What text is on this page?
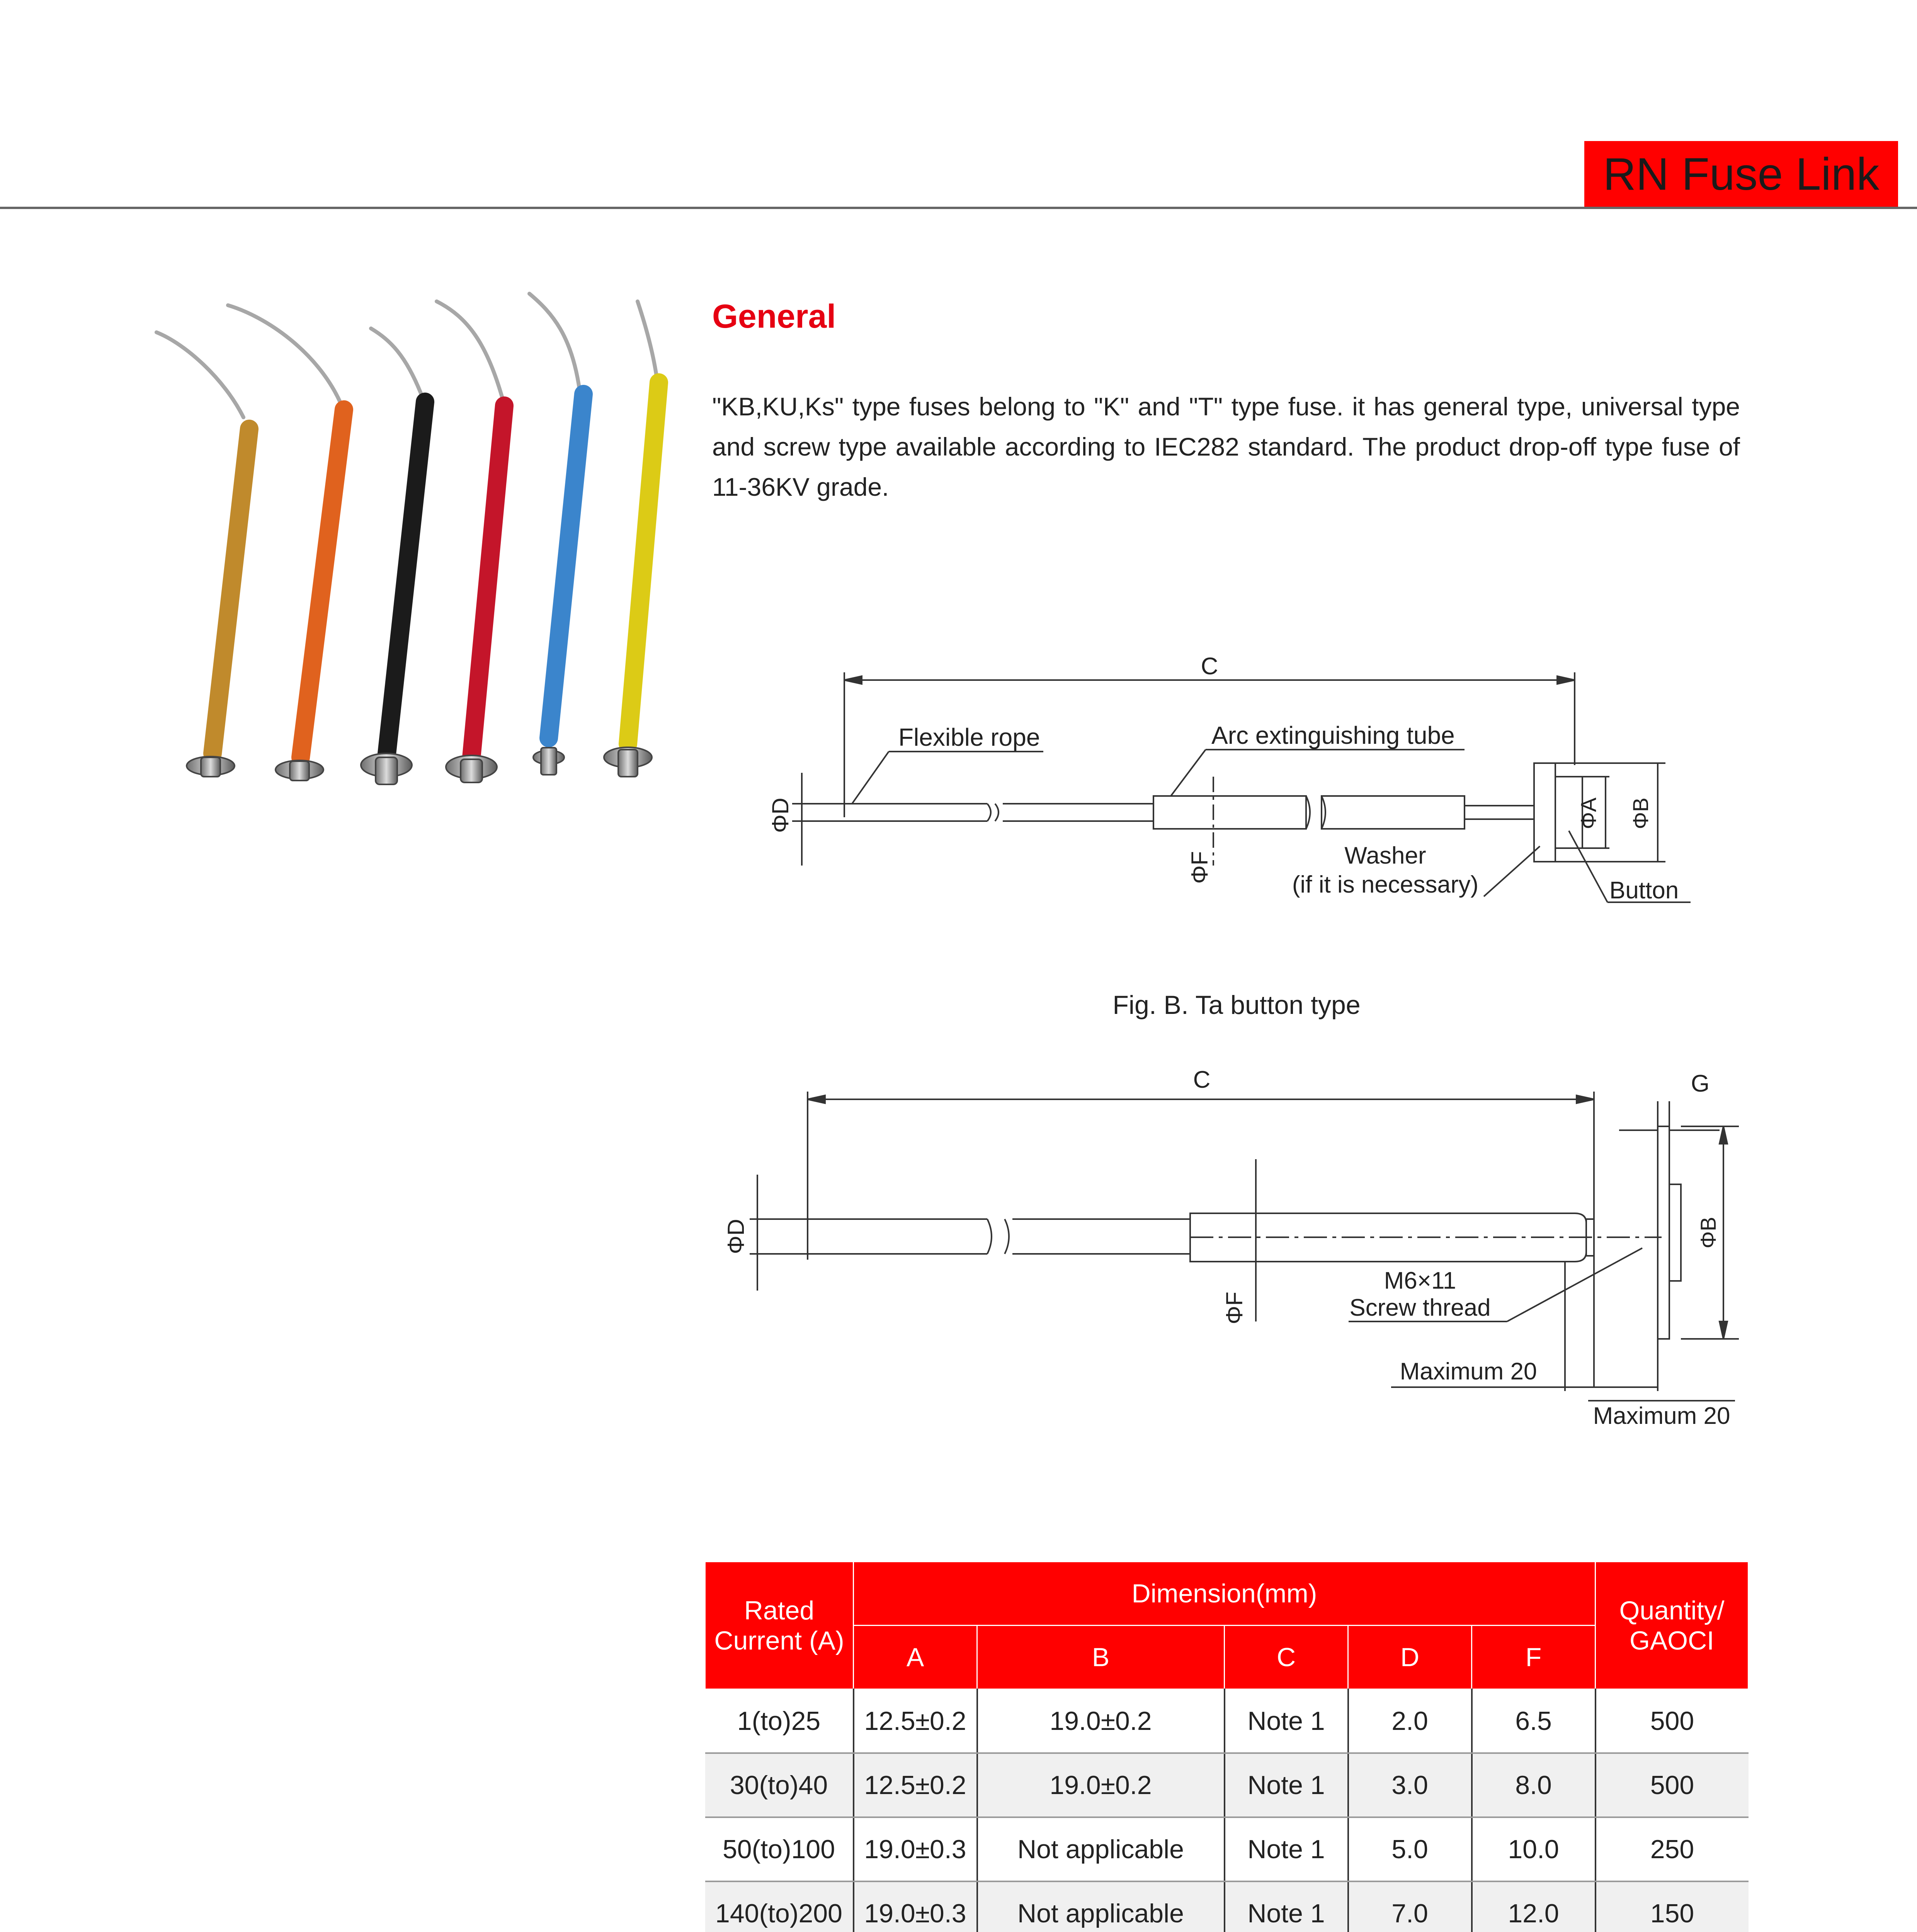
RN Fuse Link
General
"KB,KU,Ks" type fuses belong to "K" and "T" type fuse. it has general type, universal type and screw type available according to IEC282 standard. The product drop-off type fuse of 11-36KV grade.
C
Flexible rope	Arc extinguishing tube
ΦD
ΦF	Washer
(if it is necessary)
ΦA ΦB
Button
Fig. B. Ta button type
C	G
ΦD
ΦF
ΦB
M6×11
Screw thread
Maximum 20
Maximum 20
Rated Current (A)	Dimension(mm)					Quantity/ GAOCI
	A	B	C	D	F	
1(to)25	12.5±0.2	19.0±0.2	Note 1	2.0	6.5	500
30(to)40	12.5±0.2	19.0±0.2	Note 1	3.0	8.0	500
50(to)100	19.0±0.3	Not applicable	Note 1	5.0	10.0	250
140(to)200	19.0±0.3	Not applicable	Note 1	7.0	12.0	150
